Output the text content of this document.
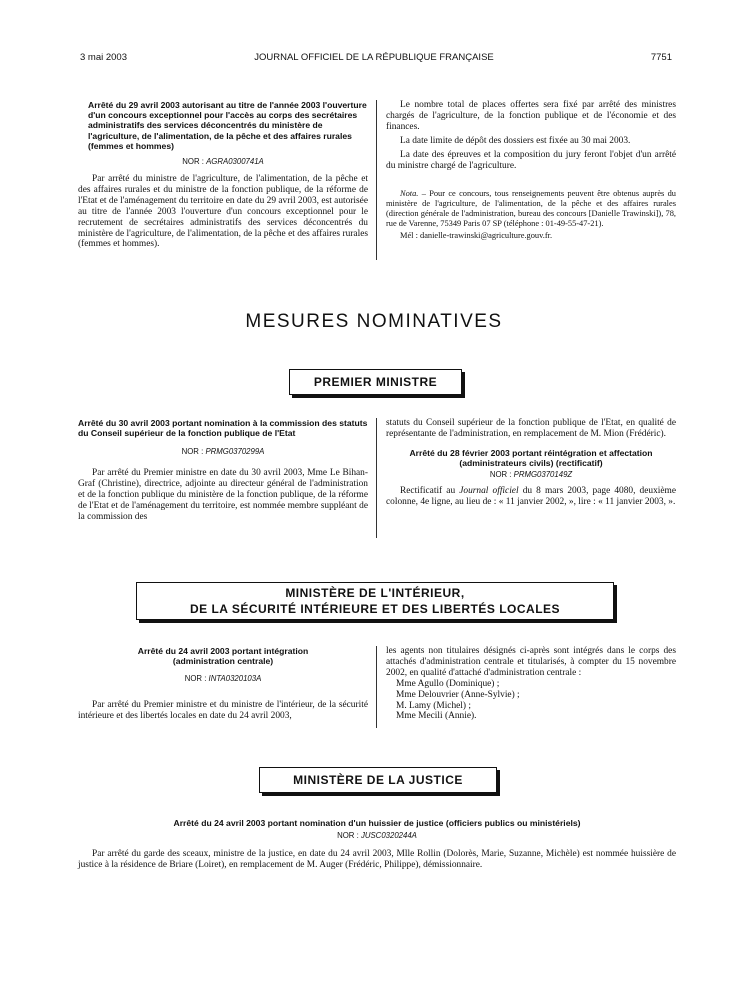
3 mai 2003	JOURNAL OFFICIEL DE LA RÉPUBLIQUE FRANÇAISE	7751
Arrêté du 29 avril 2003 autorisant au titre de l'année 2003 l'ouverture d'un concours exceptionnel pour l'accès au corps des secrétaires administratifs des services déconcentrés du ministère de l'agriculture, de l'alimentation, de la pêche et des affaires rurales (femmes et hommes)
NOR : AGRA0300741A

Par arrêté du ministre de l'agriculture, de l'alimentation, de la pêche et des affaires rurales et du ministre de la fonction publique, de la réforme de l'Etat et de l'aménagement du territoire en date du 29 avril 2003, est autorisée au titre de l'année 2003 l'ouverture d'un concours exceptionnel pour le recrutement de secrétaires administratifs des services déconcentrés du ministère de l'agriculture, de l'alimentation, de la pêche et des affaires rurales (femmes et hommes).

Le nombre total de places offertes sera fixé par arrêté des ministres chargés de l'agriculture, de la fonction publique et de l'économie et des finances.

La date limite de dépôt des dossiers est fixée au 30 mai 2003.

La date des épreuves et la composition du jury feront l'objet d'un arrêté du ministre chargé de l'agriculture.

Nota. – Pour ce concours, tous renseignements peuvent être obtenus auprès du ministère de l'agriculture, de l'alimentation, de la pêche et des affaires rurales (direction générale de l'administration, bureau des concours [Danielle Trawinski]), 78, rue de Varenne, 75349 Paris 07 SP (téléphone : 01-49-55-47-21).

Mél : danielle-trawinski@agriculture.gouv.fr.

MESURES NOMINATIVES
PREMIER MINISTRE
Arrêté du 30 avril 2003 portant nomination à la commission des statuts du Conseil supérieur de la fonction publique de l'Etat
NOR : PRMG0370299A

Par arrêté du Premier ministre en date du 30 avril 2003, Mme Le Bihan-Graf (Christine), directrice, adjointe au directeur général de l'administration et de la fonction publique du ministère de la fonction publique, de la réforme de l'Etat et de l'aménagement du territoire, est nommée membre suppléant de la commission des

statuts du Conseil supérieur de la fonction publique de l'Etat, en qualité de représentante de l'administration, en remplacement de M. Mion (Frédéric).

Arrêté du 28 février 2003 portant réintégration et affectation (administrateurs civils) (rectificatif)
NOR : PRMG0370149Z

Rectificatif au Journal officiel du 8 mars 2003, page 4080, deuxième colonne, 4e ligne, au lieu de : « 11 janvier 2002, », lire : « 11 janvier 2003, ».

MINISTÈRE DE L'INTÉRIEUR,
DE LA SÉCURITÉ INTÉRIEURE ET DES LIBERTÉS LOCALES
Arrêté du 24 avril 2003 portant intégration (administration centrale)
NOR : INTA0320103A

Par arrêté du Premier ministre et du ministre de l'intérieur, de la sécurité intérieure et des libertés locales en date du 24 avril 2003,

les agents non titulaires désignés ci-après sont intégrés dans le corps des attachés d'administration centrale et titularisés, à compter du 15 novembre 2002, en qualité d'attaché d'administration centrale :

Mme Agullo (Dominique) ;
Mme Delouvrier (Anne-Sylvie) ;
M. Lamy (Michel) ;
Mme Mecili (Annie).
MINISTÈRE DE LA JUSTICE
Arrêté du 24 avril 2003 portant nomination d'un huissier de justice (officiers publics ou ministériels)
NOR : JUSC0320244A

Par arrêté du garde des sceaux, ministre de la justice, en date du 24 avril 2003, Mlle Rollin (Dolorès, Marie, Suzanne, Michèle) est nommée huissière de justice à la résidence de Briare (Loiret), en remplacement de M. Auger (Frédéric, Philippe), démissionnaire.
